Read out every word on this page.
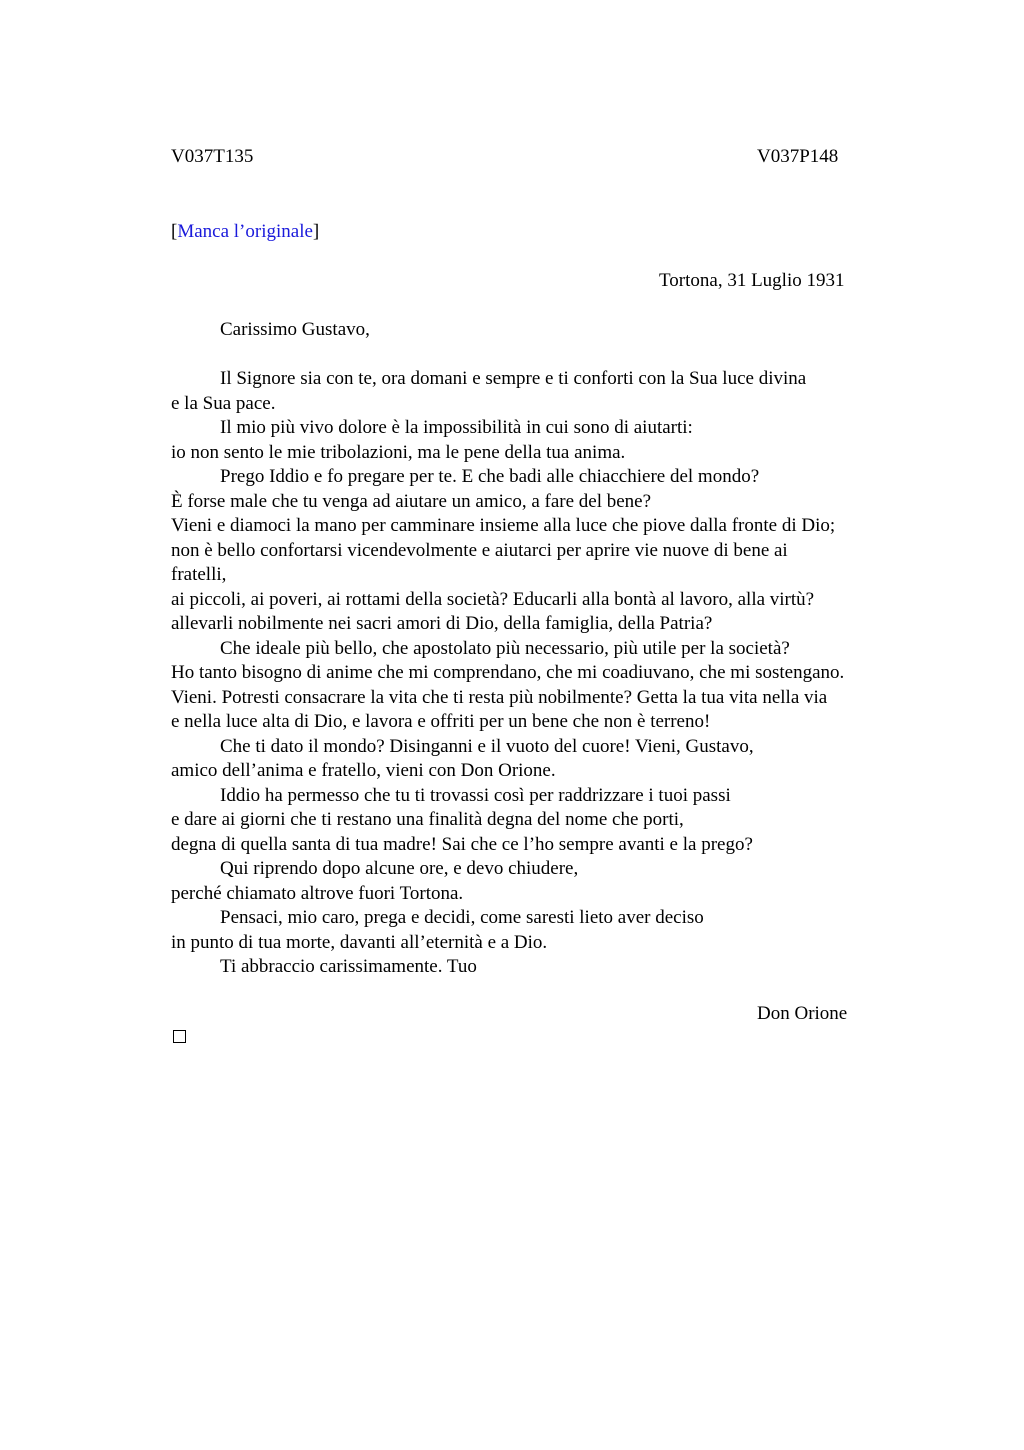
V037T135	V037P148
[Manca l’originale]
Tortona, 31 Luglio 1931
Carissimo Gustavo,
Il Signore sia con te, ora domani e sempre e ti conforti con la Sua luce divina
e la Sua pace.
Il mio più vivo dolore è la impossibilità in cui sono di aiutarti:
io non sento le mie tribolazioni, ma le pene della tua anima.
Prego Iddio e fo pregare per te. E che badi alle chiacchiere del mondo?
È forse male che tu venga ad aiutare un amico, a fare del bene?
Vieni e diamoci la mano per camminare insieme alla luce che piove dalla fronte di Dio;
non è bello confortarsi vicendevolmente e aiutarci per aprire vie nuove di bene ai
fratelli,
ai piccoli, ai poveri, ai rottami della società? Educarli alla bontà al lavoro, alla virtù?
allevarli nobilmente nei sacri amori di Dio, della famiglia, della Patria?
Che ideale più bello, che apostolato più necessario, più utile per la società?
Ho tanto bisogno di anime che mi comprendano, che mi coadiuvano, che mi sostengano.
Vieni. Potresti consacrare la vita che ti resta più nobilmente? Getta la tua vita nella via
e nella luce alta di Dio, e lavora e offriti per un bene che non è terreno!
Che ti dato il mondo? Disinganni e il vuoto del cuore! Vieni, Gustavo,
amico dell’anima e fratello, vieni con Don Orione.
Iddio ha permesso che tu ti trovassi così per raddrizzare i tuoi passi
e dare ai giorni che ti restano una finalità degna del nome che porti,
degna di quella santa di tua madre! Sai che ce l’ho sempre avanti e la prego?
Qui riprendo dopo alcune ore, e devo chiudere,
perché chiamato altrove fuori Tortona.
Pensaci, mio caro, prega e decidi, come saresti lieto aver deciso
in punto di tua morte, davanti all’eternità e a Dio.
Ti abbraccio carissimamente. Tuo
Don Orione
